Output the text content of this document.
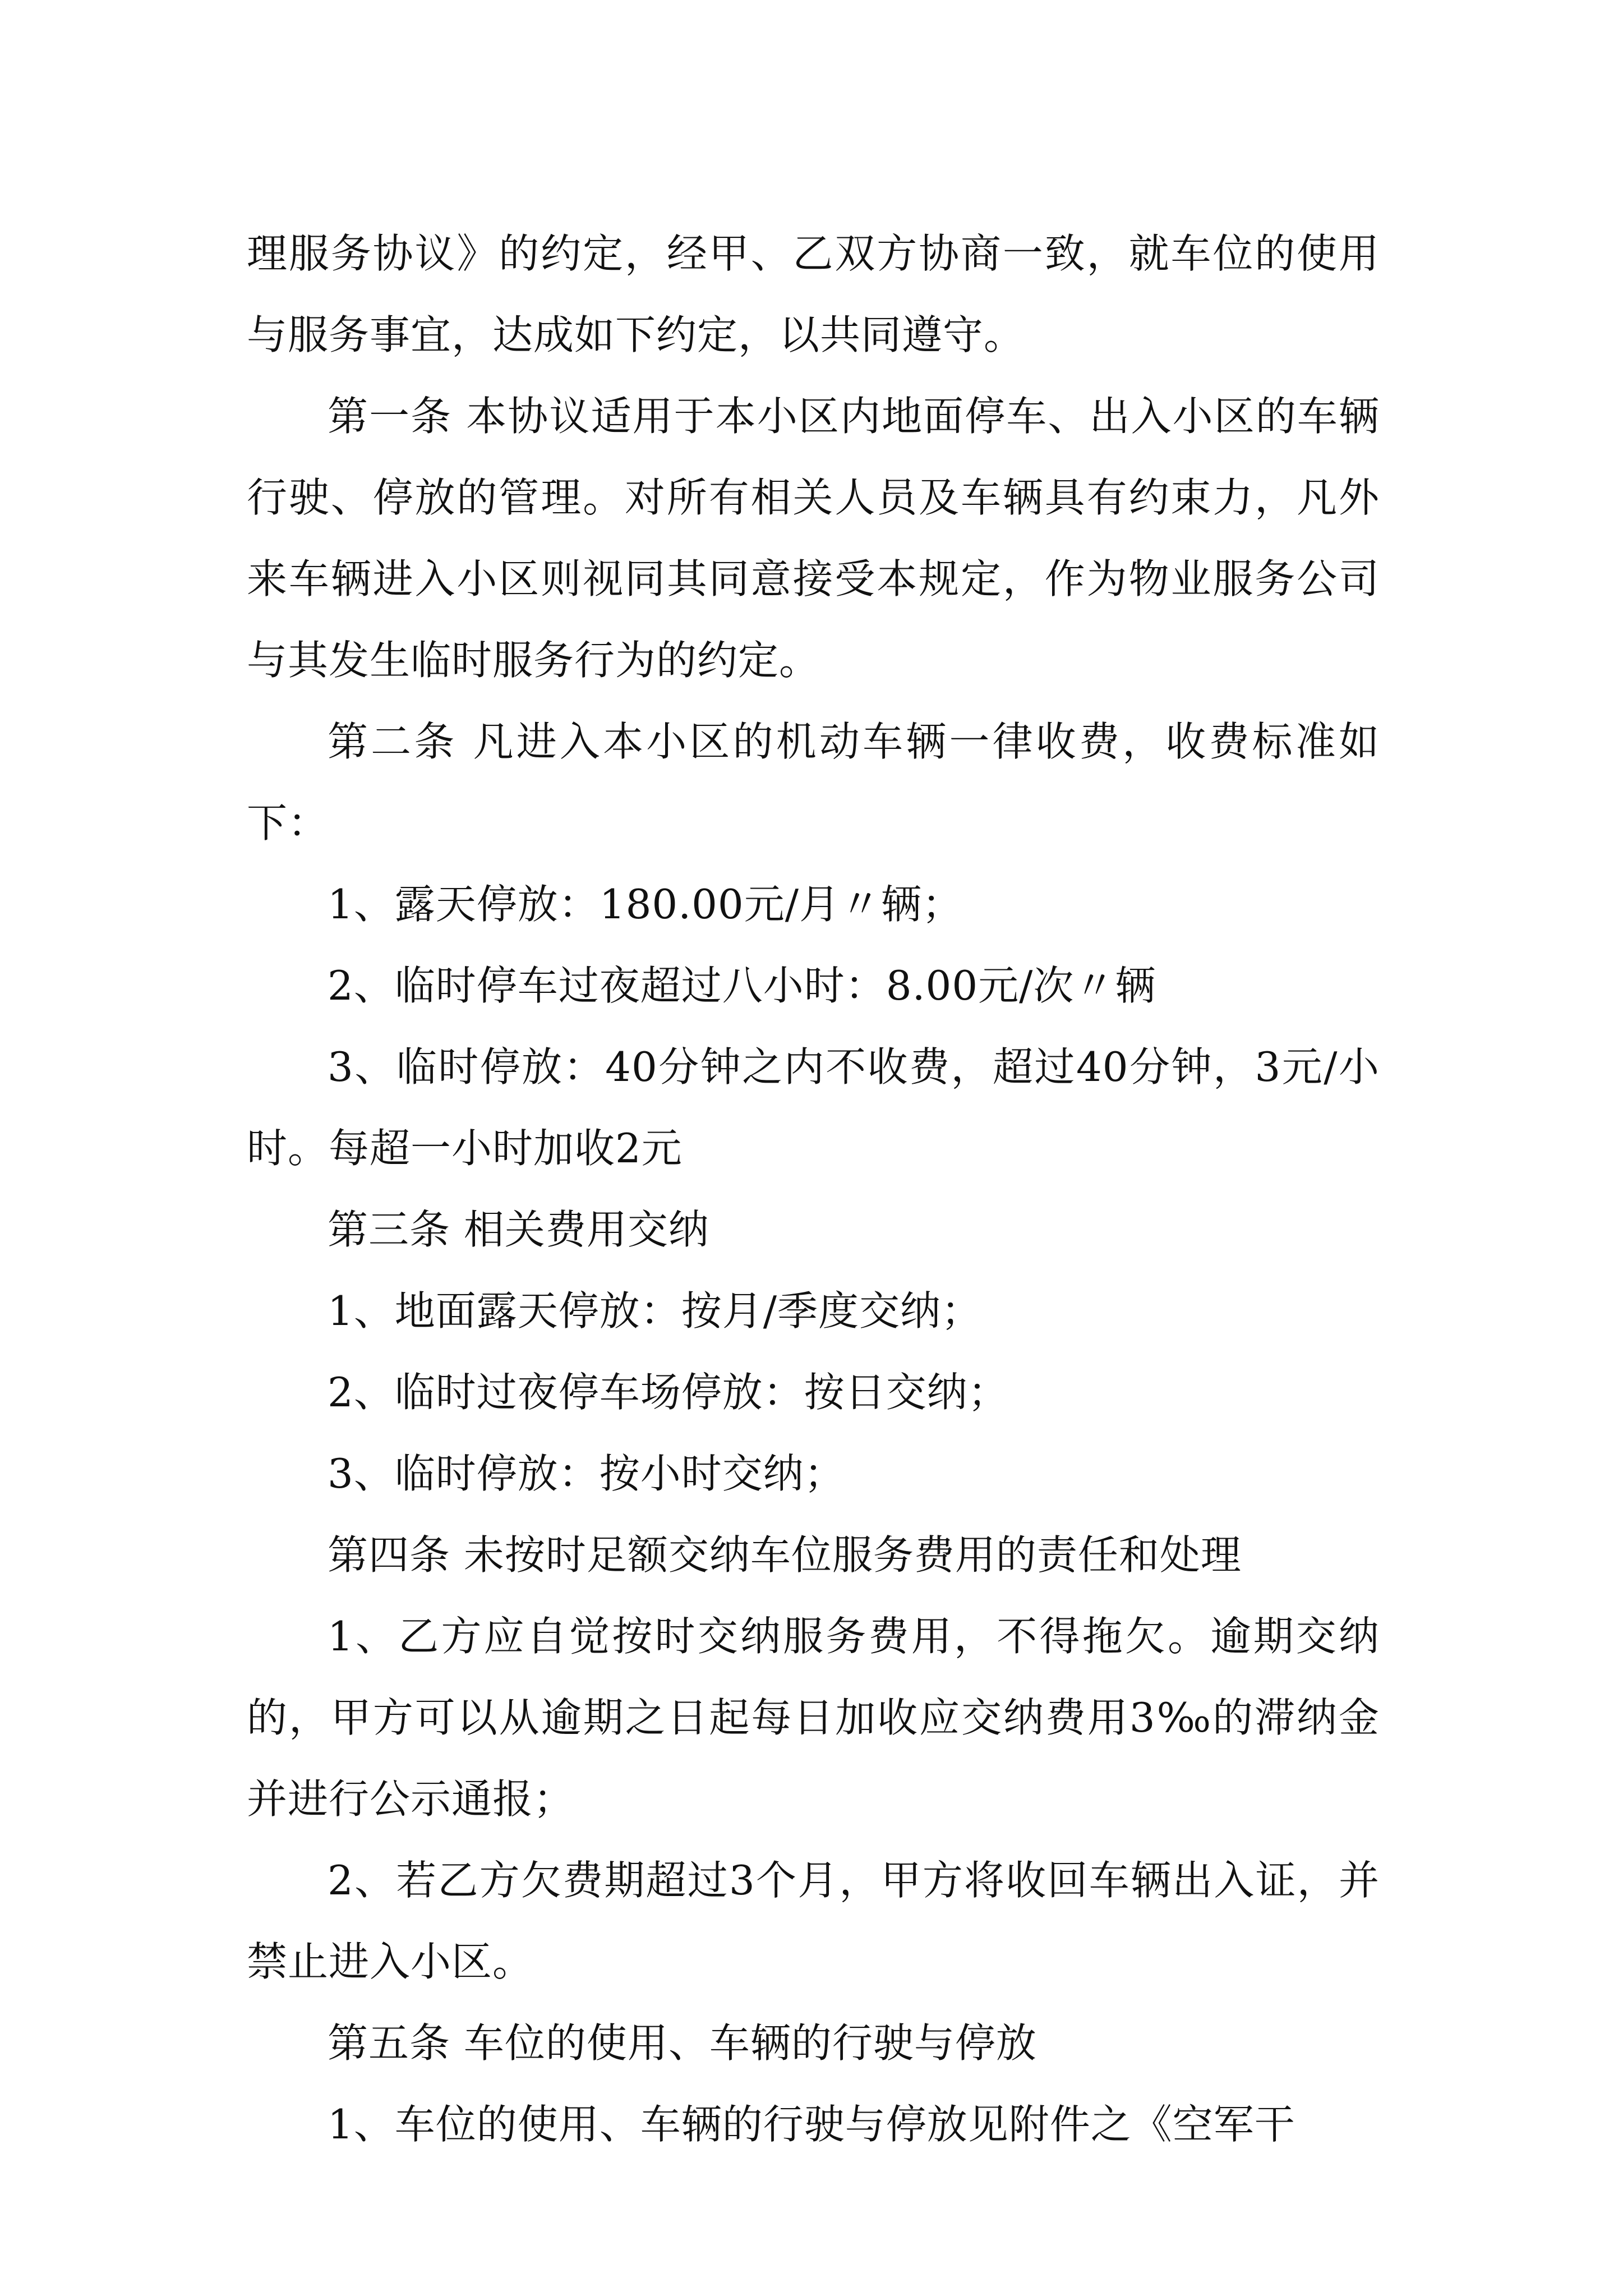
理服务协议》的约定，经甲、乙双方协商一致，就车位的使用与服务事宜，达成如下约定，以共同遵守。

第一条 本协议适用于本小区内地面停车、出入小区的车辆行驶、停放的管理。对所有相关人员及车辆具有约束力，凡外来车辆进入小区则视同其同意接受本规定，作为物业服务公司与其发生临时服务行为的约定。

第二条 凡进入本小区的机动车辆一律收费，收费标准如下：

1、露天停放：180.00元/月〃辆；

2、临时停车过夜超过八小时：8.00元/次〃辆

3、临时停放：40分钟之内不收费，超过40分钟，3元/小时。每超一小时加收2元

第三条 相关费用交纳

1、地面露天停放：按月/季度交纳；

2、临时过夜停车场停放：按日交纳；

3、临时停放：按小时交纳；

第四条 未按时足额交纳车位服务费用的责任和处理

1、乙方应自觉按时交纳服务费用，不得拖欠。逾期交纳的，甲方可以从逾期之日起每日加收应交纳费用3‰的滞纳金并进行公示通报；

2、若乙方欠费期超过3个月，甲方将收回车辆出入证，并禁止进入小区。

第五条 车位的使用、车辆的行驶与停放

1、车位的使用、车辆的行驶与停放见附件之《空军干
